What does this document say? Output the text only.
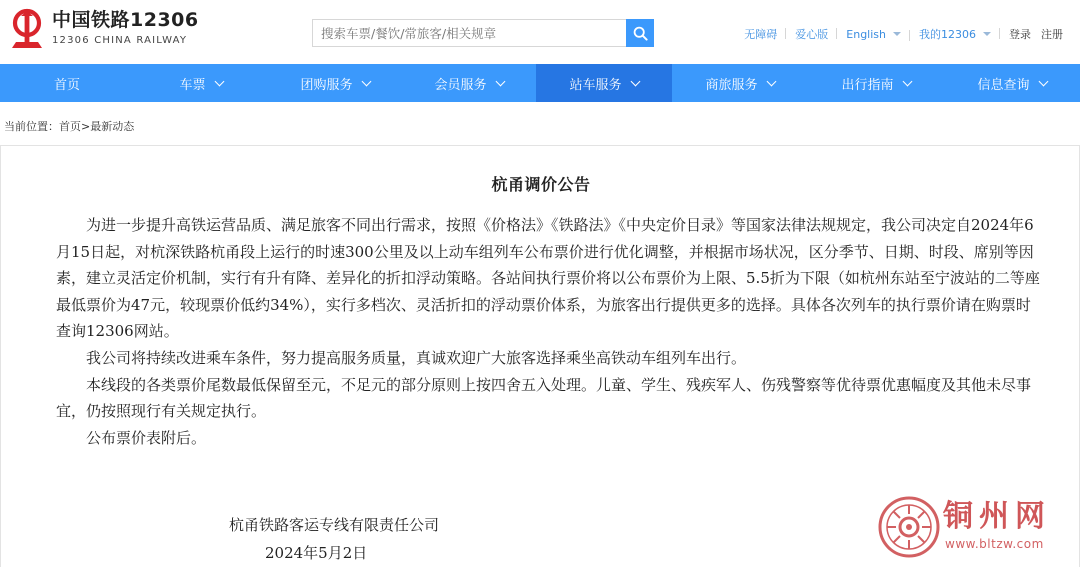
中国铁路12306
12306 CHINA RAILWAY
搜索车票/餐饮/常旅客/相关规章	无障碍	爱心版	English	我的12306	登录 注册
首页	车票	团购服务	会员服务	站车服务	商旅服务	出行指南	信息查询
当前位置：首页>最新动态
杭甬调价公告

为进一步提升高铁运营品质、满足旅客不同出行需求，按照《价格法》《铁路法》《中央定价目录》等国家法律法规规定，我公司决定自2024年6月15日起，对杭深铁路杭甬段上运行的时速300公里及以上动车组列车公布票价进行优化调整，并根据市场状况，区分季节、日期、时段、席别等因素，建立灵活定价机制，实行有升有降、差异化的折扣浮动策略。各站间执行票价将以公布票价为上限、5.5折为下限（如杭州东站至宁波站的二等座最低票价为47元，较现票价低约34%），实行多档次、灵活折扣的浮动票价体系，为旅客出行提供更多的选择。具体各次列车的执行票价请在购票时查询12306网站。

我公司将持续改进乘车条件，努力提高服务质量，真诚欢迎广大旅客选择乘坐高铁动车组列车出行。

本线段的各类票价尾数最低保留至元，不足元的部分原则上按四舍五入处理。儿童、学生、残疾军人、伤残警察等优待票优惠幅度及其他未尽事宜，仍按照现行有关规定执行。

公布票价表附后。

杭甬铁路客运专线有限责任公司
2024年5月2日
铜州网
www.bltzw.com
